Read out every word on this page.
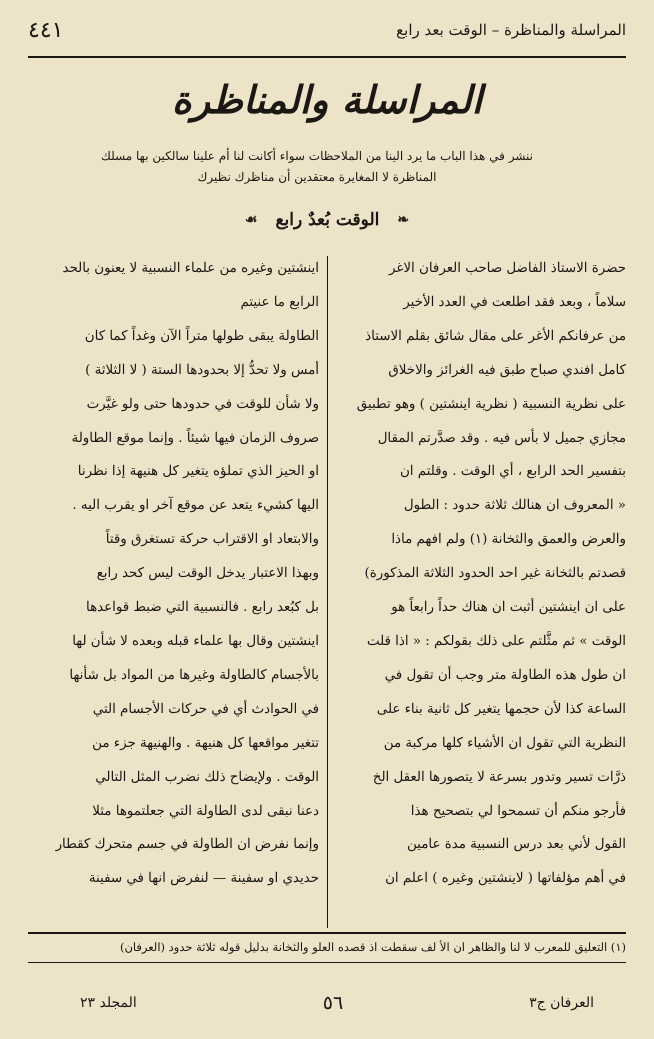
المراسلة والمناظرة – الوقت بعد رابع
٤٤١
المراسلة والمناظرة
ننشر في هذا الباب ما يرد الينا من الملاحظات سواء أكانت لنا أم علينا سالكين بها مسلك المناظرة لا المغايرة معتقدين أن مناظرك نظيرك
❧
الوقت بُعدٌ رابع
☙
حضرة الاستاذ الفاضل صاحب العرفان الاغر
سلاماً ، وبعد فقد اطلعت في العدد الأخير
من عرفانكم الأغر على مقال شائق بقلم الاستاذ
كامل افندي صباح طبق فيه الغرائز والاخلاق
على نظرية النسبية ( نظرية اينشتين ) وهو تطبيق
مجازي جميل لا بأس فيه . وقد صدَّرتم المقال
بتفسير الحد الرابع ، أي الوقت . وقلتم ان
« المعروف ان هنالك ثلاثة حدود : الطول
والعرض والعمق والثخانة (١) ولم افهم ماذا
قصدتم بالثخانة غير احد الحدود الثلاثة المذكورة)
على ان اينشتين أثبت ان هناك حداً رابعاً هو
الوقت » ثم مثَّلتم على ذلك بقولكم : « اذا قلت
ان طول هذه الطاولة متر وجب أن تقول في
الساعة كذا لأن حجمها يتغير كل ثانية بناء على
النظرية التي تقول ان الأشياء كلها مركبة من
ذرَّات تسير وتدور بسرعة لا يتصورها العقل الخ
فأرجو منكم أن تسمحوا لي بتصحيح هذا
القول لأني بعد درس النسبية مدة عامين
في أهم مؤلفاتها ( لاينشتين وغيره ) اعلم ان
اينشتين وغيره من علماء النسبية لا يعنون بالحد
الرابع ما عنيتم
الطاولة يبقى طولها متراً الآن وغداً كما كان
أمس ولا تحدُّ إلا بحدودها الستة ( لا الثلاثة )
ولا شأن للوقت في حدودها حتى ولو غيَّرت
صروف الزمان فيها شيئاً . وإنما موقع الطاولة
او الحيز الذي تملؤه يتغير كل هنيهة إذا نظرنا
اليها كشيء يتعد عن موقع آخر او يقرب اليه .
والابتعاد او الاقتراب حركة تستغرق وقتاً
وبهذا الاعتبار يدخل الوقت ليس كحد رابع
بل كبُعد رابع . فالنسبية التي ضبط قواعدها
اينشتين وقال بها علماء قبله وبعده لا شأن لها
بالأجسام كالطاولة وغيرها من المواد بل شأنها
في الحوادث أي في حركات الأجسام التي
تتغير مواقعها كل هنيهة . والهنيهة جزء من
الوقت . ولإيضاح ذلك نضرب المثل التالي
دعنا نبقى لدى الطاولة التي جعلتموها مثلا
وإنما نفرض ان الطاولة في جسم متحرك كقطار
حديدي او سفينة — لنفرض انها في سفينة
(١) التعليق للمعرب لا لنا والظاهر ان الأ لف سقطت اذ قصده العلو والثخانة بدليل قوله ثلاثة حدود (العرفان)
العرفان ج٣
٥٦
المجلد ٢٣
